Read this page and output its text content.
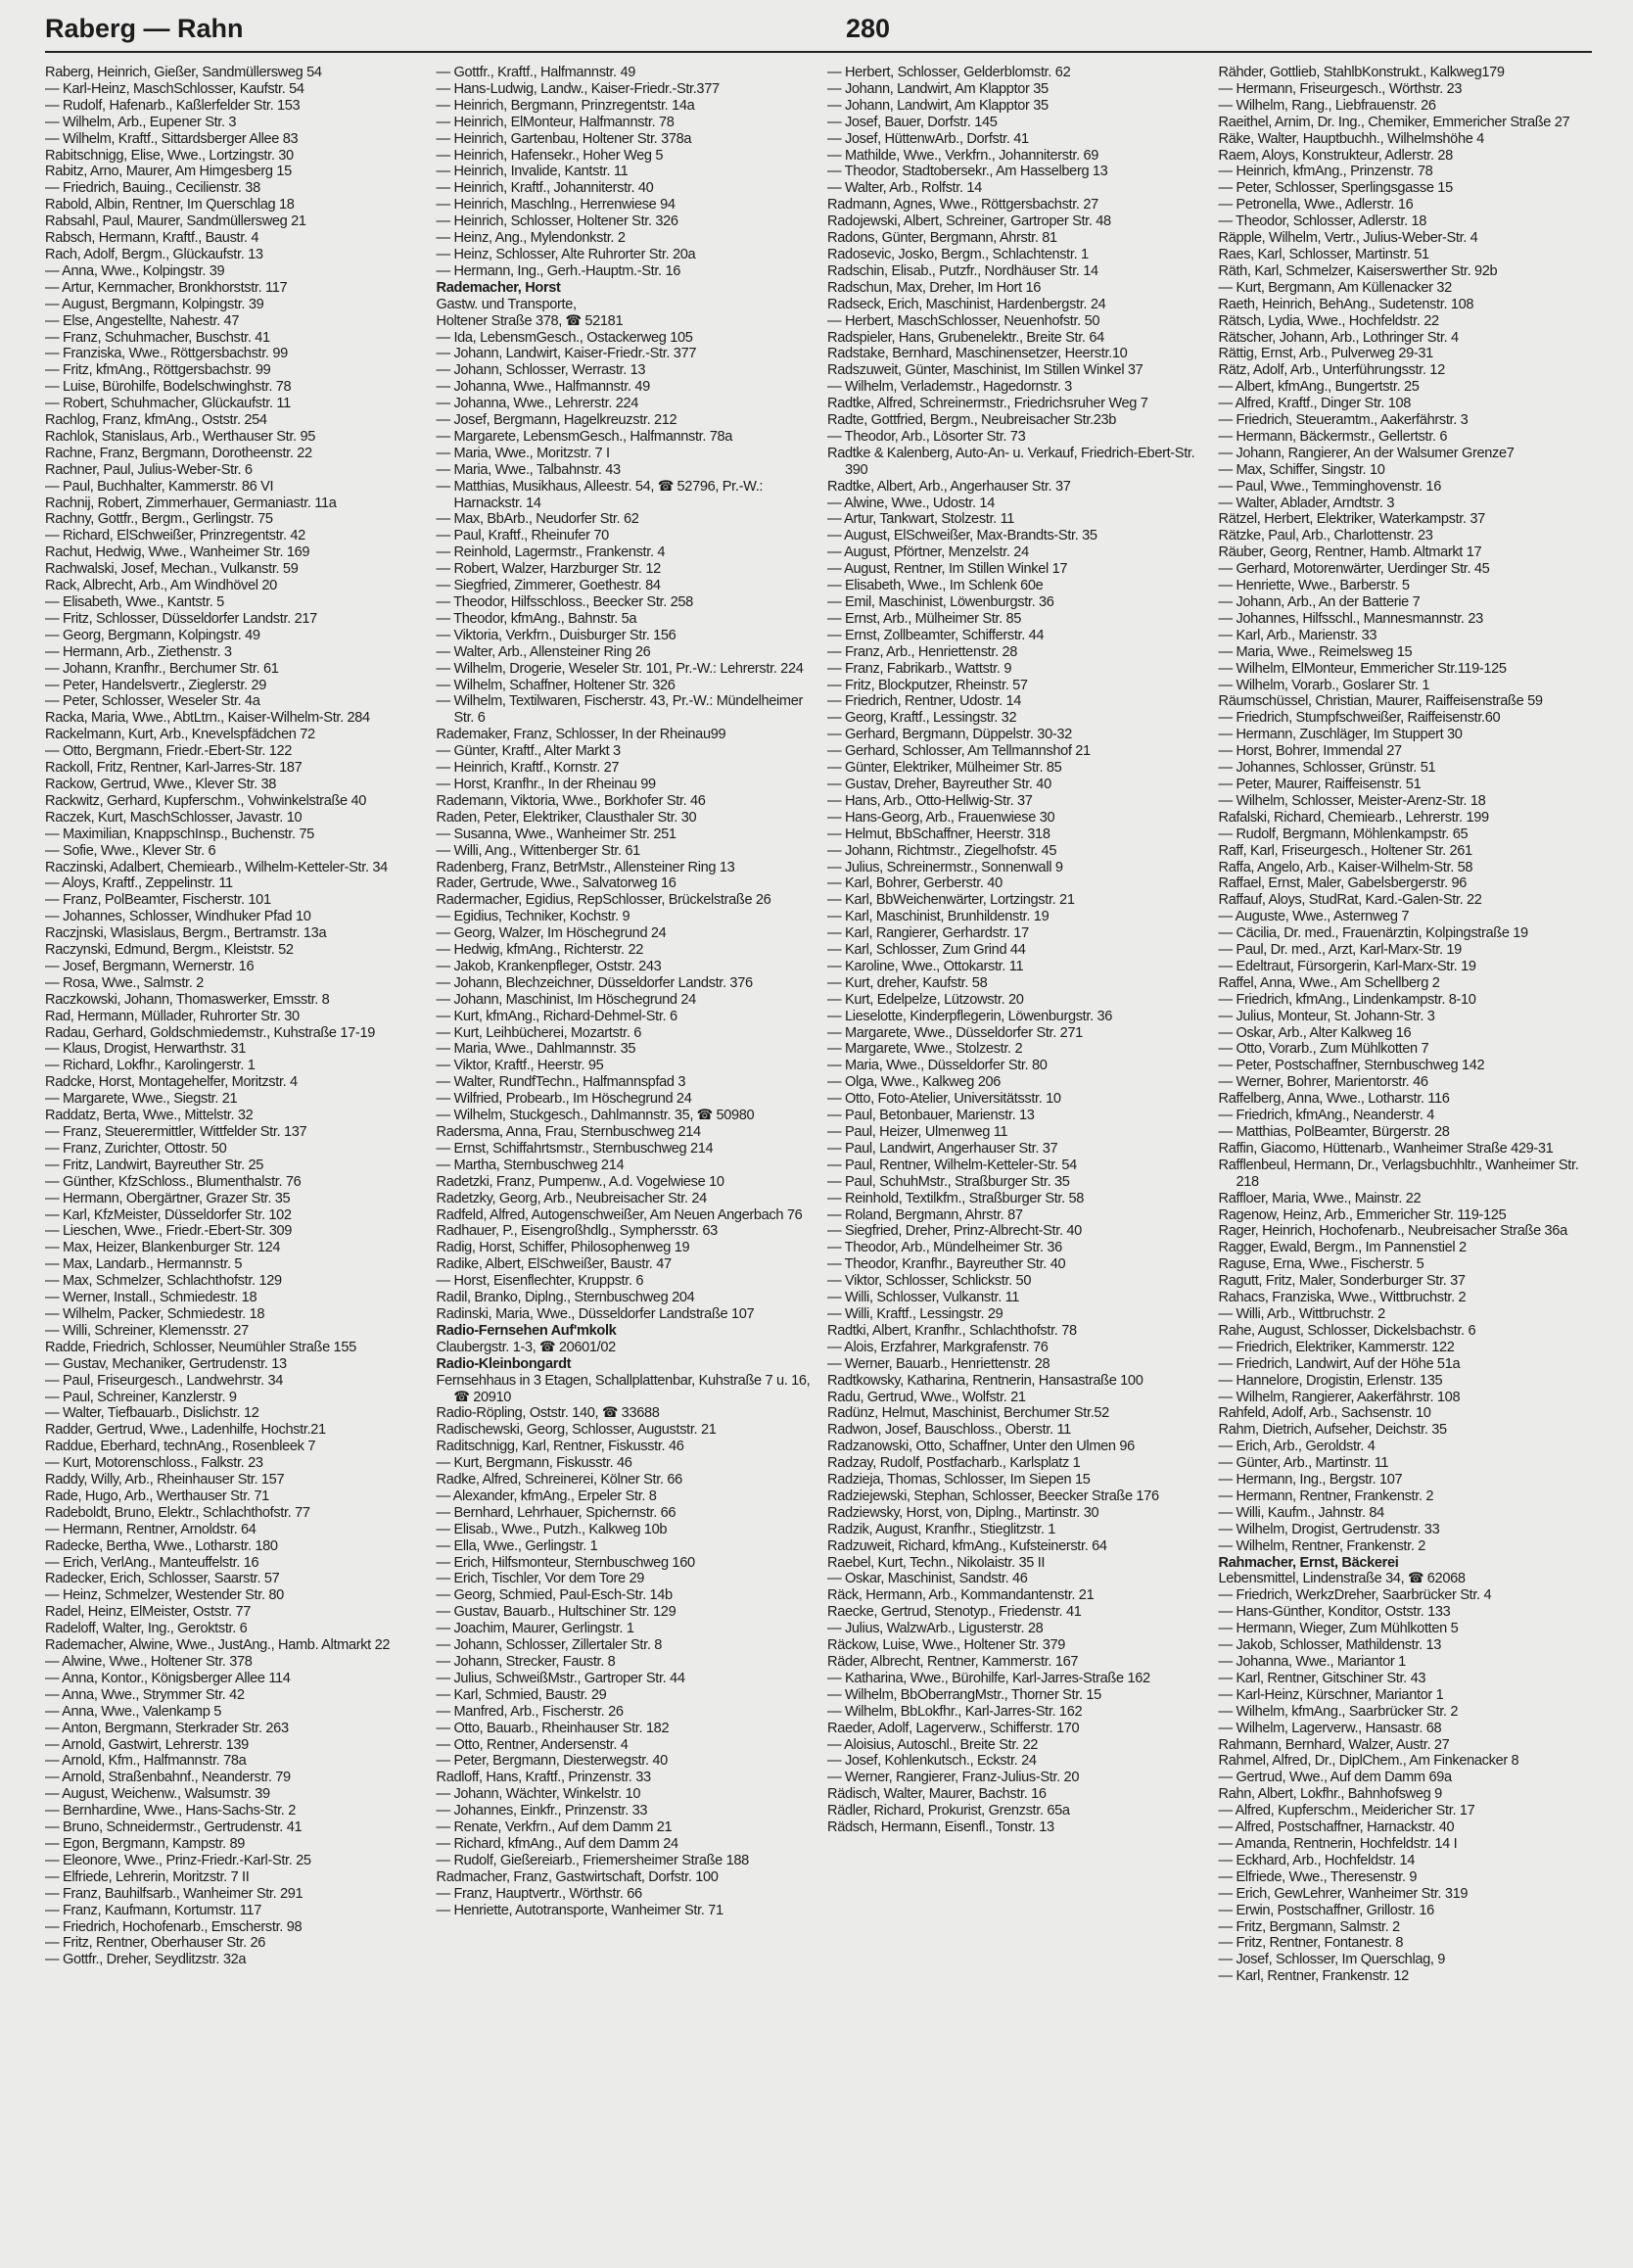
Raberg — Rahn	280
Raberg, Heinrich, Gießer, Sandmüllersweg 54
— Karl-Heinz, MaschSchlosser, Kaufstr. 54
— Rudolf, Hafenarb., Kaßlerfelder Str. 153
— Wilhelm, Arb., Eupener Str. 3
— Wilhelm, Kraftf., Sittardsberger Allee 83
Rabitschnigg, Elise, Wwe., Lortzingstr. 30
Rabitz, Arno, Maurer, Am Himgesberg 15
— Friedrich, Bauing., Cecilienstr. 38
Rabold, Albin, Rentner, Im Querschlag 18
Rabsahl, Paul, Maurer, Sandmüllersweg 21
Rabsch, Hermann, Kraftf., Baustr. 4
Rach, Adolf, Bergm., Glückaufstr. 13
— Anna, Wwe., Kolpingstr. 39
— Artur, Kernmacher, Bronkhorststr. 117
— August, Bergmann, Kolpingstr. 39
— Else, Angestellte, Nahestr. 47
— Franz, Schuhmacher, Buschstr. 41
— Franziska, Wwe., Röttgersbachstr. 99
— Fritz, kfmAng., Röttgersbachstr. 99
— Luise, Bürohilfe, Bodelschwinghstr. 78
— Robert, Schuhmacher, Glückaufstr. 11
Rachlog, Franz, kfmAng., Oststr. 254
Rachlok, Stanislaus, Arb., Werthauser Str. 95
Rachne, Franz, Bergmann, Dorotheenstr. 22
Rachner, Paul, Julius-Weber-Str. 6
— Paul, Buchhalter, Kammerstr. 86 VI
Rachnij, Robert, Zimmerhauer, Germaniastr. 11a
Rachny, Gottfr., Bergm., Gerlingstr. 75
— Richard, ElSchweißer, Prinzregentstr. 42
Rachut, Hedwig, Wwe., Wanheimer Str. 169
Rachwalski, Josef, Mechan., Vulkanstr. 59
Rack, Albrecht, Arb., Am Windhövel 20
— Elisabeth, Wwe., Kantstr. 5
— Fritz, Schlosser, Düsseldorfer Landstr. 217
— Georg, Bergmann, Kolpingstr. 49
— Hermann, Arb., Ziethenstr. 3
— Johann, Kranfhr., Berchumer Str. 61
— Peter, Handelsvertr., Zieglerstr. 29
— Peter, Schlosser, Weseler Str. 4a
Racka, Maria, Wwe., AbtLtrn., Kaiser-Wilhelm-Str. 284
Rackelmann, Kurt, Arb., Knevelspfädchen 72
— Otto, Bergmann, Friedr.-Ebert-Str. 122
Rackoll, Fritz, Rentner, Karl-Jarres-Str. 187
Rackow, Gertrud, Wwe., Klever Str. 38
Rackwitz, Gerhard, Kupferschm., Vohwinkelstraße 40
Raczek, Kurt, MaschSchlosser, Javastr. 10
— Maximilian, KnappschInsp., Buchenstr. 75
— Sofie, Wwe., Klever Str. 6
Raczinski, Adalbert, Chemiearb., Wilhelm-Ketteler-Str. 34
— Aloys, Kraftf., Zeppelinstr. 11
— Franz, PolBeamter, Fischerstr. 101
— Johannes, Schlosser, Windhuker Pfad 10
Raczjnski, Wlasislaus, Bergm., Bertramstr. 13a
Raczynski, Edmund, Bergm., Kleiststr. 52
— Josef, Bergmann, Wernerstr. 16
— Rosa, Wwe., Salmstr. 2
Raczkowski, Johann, Thomaswerker, Emsstr. 8
Rad, Hermann, Müllader, Ruhrorter Str. 30
Radau, Gerhard, Goldschmiedemstr., Kuhstraße 17-19
— Klaus, Drogist, Herwarthstr. 31
— Richard, Lokfhr., Karolingerstr. 1
Radcke, Horst, Montagehelfer, Moritzstr. 4
— Margarete, Wwe., Siegstr. 21
Raddatz, Berta, Wwe., Mittelstr. 32
— Franz, Steuerermittler, Wittfelder Str. 137
— Franz, Zurichter, Ottostr. 50
— Fritz, Landwirt, Bayreuther Str. 25
— Günther, KfzSchloss., Blumenthalstr. 76
— Hermann, Obergärtner, Grazer Str. 35
— Karl, KfzMeister, Düsseldorfer Str. 102
— Lieschen, Wwe., Friedr.-Ebert-Str. 309
— Max, Heizer, Blankenburger Str. 124
— Max, Landarb., Hermannstr. 5
— Max, Schmelzer, Schlachthofstr. 129
— Werner, Install., Schmiedestr. 18
— Wilhelm, Packer, Schmiedestr. 18
— Willi, Schreiner, Klemensstr. 27
Radde, Friedrich, Schlosser, Neumühler Straße 155
— Gustav, Mechaniker, Gertrudenstr. 13
— Paul, Friseurgesch., Landwehrstr. 34
— Paul, Schreiner, Kanzlerstr. 9
— Walter, Tiefbauarb., Dislichstr. 12
Radder, Gertrud, Wwe., Ladenhilfe, Hochstr.21
Raddue, Eberhard, technAng., Rosenbleek 7
— Kurt, Motorenschloss., Falkstr. 23
Raddy, Willy, Arb., Rheinhauser Str. 157
Rade, Hugo, Arb., Werthauser Str. 71
Radeboldt, Bruno, Elektr., Schlachthofstr. 77
— Hermann, Rentner, Arnoldstr. 64
Radecke, Bertha, Wwe., Lotharstr. 180
— Erich, VerlAng., Manteuffelstr. 16
Radecker, Erich, Schlosser, Saarstr. 57
— Heinz, Schmelzer, Westender Str. 80
Radel, Heinz, ElMeister, Oststr. 77
Radeloff, Walter, Ing., Geroktstr. 6
Rademacher, Alwine, Wwe., JustAng., Hamb. Altmarkt 22
— Alwine, Wwe., Holtener Str. 378
— Anna, Kontor., Königsberger Allee 114
— Anna, Wwe., Strymmer Str. 42
— Anna, Wwe., Valenkamp 5
— Anton, Bergmann, Sterkrader Str. 263
— Arnold, Gastwirt, Lehrerstr. 139
— Arnold, Kfm., Halfmannstr. 78a
— Arnold, Straßenbahnf., Neanderstr. 79
— August, Weichenw., Walsumstr. 39
— Bernhardine, Wwe., Hans-Sachs-Str. 2
— Bruno, Schneidermstr., Gertrudenstr. 41
— Egon, Bergmann, Kampstr. 89
— Eleonore, Wwe., Prinz-Friedr.-Karl-Str. 25
— Elfriede, Lehrerin, Moritzstr. 7 II
— Franz, Bauhilfsarb., Wanheimer Str. 291
— Franz, Kaufmann, Kortumstr. 117
— Friedrich, Hochofenarb., Emscherstr. 98
— Fritz, Rentner, Oberhauser Str. 26
— Gottfr., Dreher, Seydlitzstr. 32a
— Gottfr., Kraftf., Halfmannstr. 49
— Hans-Ludwig, Landw., Kaiser-Friedr.-Str.377
— Heinrich, Bergmann, Prinzregentstr. 14a
— Heinrich, ElMonteur, Halfmannstr. 78
— Heinrich, Gartenbau, Holtener Str. 378a
— Heinrich, Hafensekr., Hoher Weg 5
— Heinrich, Invalide, Kantstr. 11
— Heinrich, Kraftf., Johanniterstr. 40
— Heinrich, Maschlng., Herrenwiese 94
— Heinrich, Schlosser, Holtener Str. 326
— Heinz, Ang., Mylendonkstr. 2
— Heinz, Schlosser, Alte Ruhrorter Str. 20a
— Hermann, Ing., Gerh.-Hauptm.-Str. 16
Rademacher, Horst
Gastw. und Transporte,
Holtener Straße 378, ☎ 52181
— Ida, LebensmGesch., Ostackerweg 105
— Johann, Landwirt, Kaiser-Friedr.-Str. 377
— Johann, Schlosser, Werrastr. 13
— Johanna, Wwe., Halfmannstr. 49
— Johanna, Wwe., Lehrerstr. 224
— Josef, Bergmann, Hagelkreuzstr. 212
— Margarete, LebensmGesch., Halfmannstr. 78a
— Maria, Wwe., Moritzstr. 7 I
— Maria, Wwe., Talbahnstr. 43
— Matthias, Musikhaus, Alleestr. 54, ☎ 52796, Pr.-W.: Harnackstr. 14
— Max, BbArb., Neudorfer Str. 62
— Paul, Kraftf., Rheinufer 70
— Reinhold, Lagermstr., Frankenstr. 4
— Robert, Walzer, Harzburger Str. 12
— Siegfried, Zimmerer, Goethestr. 84
— Theodor, Hilfsschloss., Beecker Str. 258
— Theodor, kfmAng., Bahnstr. 5a
— Viktoria, Verkfrn., Duisburger Str. 156
— Walter, Arb., Allensteiner Ring 26
— Wilhelm, Drogerie, Weseler Str. 101, Pr.-W.: Lehrerstr. 224
— Wilhelm, Schaffner, Holtener Str. 326
— Wilhelm, Textilwaren, Fischerstr. 43, Pr.-W.: Mündelheimer Str. 6
Rademaker, Franz, Schlosser, In der Rheinau99
— Günter, Kraftf., Alter Markt 3
— Heinrich, Kraftf., Kornstr. 27
— Horst, Kranfhr., In der Rheinau 99
Rademann, Viktoria, Wwe., Borkhofer Str. 46
Raden, Peter, Elektriker, Clausthaler Str. 30
— Susanna, Wwe., Wanheimer Str. 251
— Willi, Ang., Wittenberger Str. 61
Radenberg, Franz, BetrMstr., Allensteiner Ring 13
Rader, Gertrude, Wwe., Salvatorweg 16
Radermacher, Egidius, RepSchlosser, Brückelstraße 26
— Egidius, Techniker, Kochstr. 9
— Georg, Walzer, Im Höschegrund 24
— Hedwig, kfmAng., Richterstr. 22
— Jakob, Krankenpfleger, Oststr. 243
— Johann, Blechzeichner, Düsseldorfer Landstr. 376
— Johann, Maschinist, Im Höschegrund 24
— Kurt, kfmAng., Richard-Dehmel-Str. 6
— Kurt, Leihbücherei, Mozartstr. 6
— Maria, Wwe., Dahlmannstr. 35
— Viktor, Kraftf., Heerstr. 95
— Walter, RundfTechn., Halfmannspfad 3
— Wilfried, Probearb., Im Höschegrund 24
— Wilhelm, Stuckgesch., Dahlmannstr. 35, ☎ 50980
Radersma, Anna, Frau, Sternbuschweg 214
— Ernst, Schiffahrtsmstr., Sternbuschweg 214
— Martha, Sternbuschweg 214
Radetzki, Franz, Pumpenw., A.d. Vogelwiese 10
Radetzky, Georg, Arb., Neubreisacher Str. 24
Radfeld, Alfred, Autogenschweißer, Am Neuen Angerbach 76
Radhauer, P., Eisengroßhdlg., Symphersstr. 63
Radig, Horst, Schiffer, Philosophenweg 19
Radike, Albert, ElSchweißer, Baustr. 47
— Horst, Eisenflechter, Kruppstr. 6
Radil, Branko, Diplng., Sternbuschweg 204
Radinski, Maria, Wwe., Düsseldorfer Landstraße 107
Radio-Fernsehen Auf'mkolk
Claubergstr. 1-3, ☎ 20601/02
Radio-Kleinbongardt
Fernsehhaus in 3 Etagen, Schallplattenbar, Kuhstraße 7 u. 16, ☎ 20910
Radio-Röpling, Oststr. 140, ☎ 33688
Radischewski, Georg, Schlosser, Auguststr. 21
Raditschnigg, Karl, Rentner, Fiskusstr. 46
— Kurt, Bergmann, Fiskusstr. 46
Radke, Alfred, Schreinerei, Kölner Str. 66
— Alexander, kfmAng., Erpeler Str. 8
— Bernhard, Lehrhauer, Spichernstr. 66
— Elisab., Wwe., Putzh., Kalkweg 10b
— Ella, Wwe., Gerlingstr. 1
— Erich, Hilfsmonteur, Sternbuschweg 160
— Erich, Tischler, Vor dem Tore 29
— Georg, Schmied, Paul-Esch-Str. 14b
— Gustav, Bauarb., Hultschiner Str. 129
— Joachim, Maurer, Gerlingstr. 1
— Johann, Schlosser, Zillertaler Str. 8
— Johann, Strecker, Faustr. 8
— Julius, SchweißMstr., Gartroper Str. 44
— Karl, Schmied, Baustr. 29
— Manfred, Arb., Fischerstr. 26
— Otto, Bauarb., Rheinhauser Str. 182
— Otto, Rentner, Andersenstr. 4
— Peter, Bergmann, Diesterwegstr. 40
Radloff, Hans, Kraftf., Prinzenstr. 33
— Johann, Wächter, Winkelstr. 10
— Johannes, Einkfr., Prinzenstr. 33
— Renate, Verkfrn., Auf dem Damm 21
— Richard, kfmAng., Auf dem Damm 24
— Rudolf, Gießereiarb., Friemersheimer Straße 188
Radmacher, Franz, Gastwirtschaft, Dorfstr. 100
— Franz, Hauptvertr., Wörthstr. 66
— Henriette, Autotransporte, Wanheimer Str. 71
— Herbert, Schlosser, Gelderblomstr. 62
— Johann, Landwirt, Am Klapptor 35
— Johann, Landwirt, Am Klapptor 35
— Josef, Bauer, Dorfstr. 145
— Josef, HüttenwArb., Dorfstr. 41
— Mathilde, Wwe., Verkfrn., Johanniterstr. 69
— Theodor, Stadtobersekr., Am Hasselberg 13
— Walter, Arb., Rolfstr. 14
Radmann, Agnes, Wwe., Röttgersbachstr. 27
Radojewski, Albert, Schreiner, Gartroper Str. 48
Radons, Günter, Bergmann, Ahrstr. 81
Radosevic, Josko, Bergm., Schlachtenstr. 1
Radschin, Elisab., Putzfr., Nordhäuser Str. 14
Radschun, Max, Dreher, Im Hort 16
Radseck, Erich, Maschinist, Hardenbergstr. 24
— Herbert, MaschSchlosser, Neuenhofstr. 50
Radspieler, Hans, Grubenelektr., Breite Str. 64
Radstake, Bernhard, Maschinensetzer, Heerstr.10
Radszuweit, Günter, Maschinist, Im Stillen Winkel 37
— Wilhelm, Verlademstr., Hagedornstr. 3
Radtke, Alfred, Schreinermstr., Friedrichsruher Weg 7
Radte, Gottfried, Bergm., Neubreisacher Str.23b
— Theodor, Arb., Lösorter Str. 73
Radtke & Kalenberg, Auto-An- u. Verkauf, Friedrich-Ebert-Str. 390
Radtke, Albert, Arb., Angerhauser Str. 37
— Alwine, Wwe., Udostr. 14
— Artur, Tankwart, Stolzestr. 11
— August, ElSchweißer, Max-Brandts-Str. 35
— August, Pförtner, Menzelstr. 24
— August, Rentner, Im Stillen Winkel 17
— Elisabeth, Wwe., Im Schlenk 60e
— Emil, Maschinist, Löwenburgstr. 36
— Ernst, Arb., Mülheimer Str. 85
— Ernst, Zollbeamter, Schifferstr. 44
— Franz, Arb., Henriettenstr. 28
— Franz, Fabrikarb., Wattstr. 9
— Fritz, Blockputzer, Rheinstr. 57
— Friedrich, Rentner, Udostr. 14
— Georg, Kraftf., Lessingstr. 32
— Gerhard, Bergmann, Düppelstr. 30-32
— Gerhard, Schlosser, Am Tellmannshof 21
— Günter, Elektriker, Mülheimer Str. 85
— Gustav, Dreher, Bayreuther Str. 40
— Hans, Arb., Otto-Hellwig-Str. 37
— Hans-Georg, Arb., Frauenwiese 30
— Helmut, BbSchaffner, Heerstr. 318
— Johann, Richtmstr., Ziegelhofstr. 45
— Julius, Schreinermstr., Sonnenwall 9
— Karl, Bohrer, Gerberstr. 40
— Karl, BbWeichenwärter, Lortzingstr. 21
— Karl, Maschinist, Brunhildenstr. 19
— Karl, Rangierer, Gerhardstr. 17
— Karl, Schlosser, Zum Grind 44
— Karoline, Wwe., Ottokarstr. 11
— Kurt, dreher, Kaufstr. 58
— Kurt, Edelpelze, Lützowstr. 20
— Lieselotte, Kinderpflegerin, Löwenburgstr. 36
— Margarete, Wwe., Düsseldorfer Str. 271
— Margarete, Wwe., Stolzestr. 2
— Maria, Wwe., Düsseldorfer Str. 80
— Olga, Wwe., Kalkweg 206
— Otto, Foto-Atelier, Universitätsstr. 10
— Paul, Betonbauer, Marienstr. 13
— Paul, Heizer, Ulmenweg 11
— Paul, Landwirt, Angerhauser Str. 37
— Paul, Rentner, Wilhelm-Ketteler-Str. 54
— Paul, SchuhMstr., Straßburger Str. 35
— Reinhold, Textilkfm., Straßburger Str. 58
— Roland, Bergmann, Ahrstr. 87
— Siegfried, Dreher, Prinz-Albrecht-Str. 40
— Theodor, Arb., Mündelheimer Str. 36
— Theodor, Kranfhr., Bayreuther Str. 40
— Viktor, Schlosser, Schlickstr. 50
— Willi, Schlosser, Vulkanstr. 11
— Willi, Kraftf., Lessingstr. 29
Radtki, Albert, Kranfhr., Schlachthofstr. 78
— Alois, Erzfahrer, Markgrafenstr. 76
— Werner, Bauarb., Henriettenstr. 28
Radtkowsky, Katharina, Rentnerin, Hansastraße 100
Radu, Gertrud, Wwe., Wolfstr. 21
Radünz, Helmut, Maschinist, Berchumer Str.52
Radwon, Josef, Bauschloss., Oberstr. 11
Radzanowski, Otto, Schaffner, Unter den Ulmen 96
Radzay, Rudolf, Postfacharb., Karlsplatz 1
Radzieja, Thomas, Schlosser, Im Siepen 15
Radziejewski, Stephan, Schlosser, Beecker Straße 176
Radziewsky, Horst, von, Diplng., Martinstr. 30
Radzik, August, Kranfhr., Stieglitzstr. 1
Radzuweit, Richard, kfmAng., Kufsteinerstr. 64
Raebel, Kurt, Techn., Nikolaistr. 35 II
— Oskar, Maschinist, Sandstr. 46
Räck, Hermann, Arb., Kommandantenstr. 21
Raecke, Gertrud, Stenotyp., Friedenstr. 41
— Julius, WalzwArb., Ligusterstr. 28
Räckow, Luise, Wwe., Holtener Str. 379
Räder, Albrecht, Rentner, Kammerstr. 167
— Katharina, Wwe., Bürohilfe, Karl-Jarres-Straße 162
— Wilhelm, BbOberrangMstr., Thorner Str. 15
— Wilhelm, BbLokfhr., Karl-Jarres-Str. 162
Raeder, Adolf, Lagerverw., Schifferstr. 170
— Aloisius, Autoschl., Breite Str. 22
— Josef, Kohlenkutsch., Eckstr. 24
— Werner, Rangierer, Franz-Julius-Str. 20
Rädisch, Walter, Maurer, Bachstr. 16
Rädler, Richard, Prokurist, Grenzstr. 65a
Rädsch, Hermann, Eisenfl., Tonstr. 13
Rähder, Gottlieb, StahlbKonstrukt., Kalkweg179
— Hermann, Friseurgesch., Wörthstr. 23
— Wilhelm, Rang., Liebfrauenstr. 26
Raeithel, Arnim, Dr. Ing., Chemiker, Emmericher Straße 27
Räke, Walter, Hauptbuchh., Wilhelmshöhe 4
Raem, Aloys, Konstrukteur, Adlerstr. 28
— Heinrich, kfmAng., Prinzenstr. 78
— Peter, Schlosser, Sperlingsgasse 15
— Petronella, Wwe., Adlerstr. 16
— Theodor, Schlosser, Adlerstr. 18
Räpple, Wilhelm, Vertr., Julius-Weber-Str. 4
Raes, Karl, Schlosser, Martinstr. 51
Räth, Karl, Schmelzer, Kaiserswerther Str. 92b
— Kurt, Bergmann, Am Küllenacker 32
Raeth, Heinrich, BehAng., Sudetenstr. 108
Rätsch, Lydia, Wwe., Hochfeldstr. 22
Rätscher, Johann, Arb., Lothringer Str. 4
Rättig, Ernst, Arb., Pulverweg 29-31
Rätz, Adolf, Arb., Unterführungsstr. 12
— Albert, kfmAng., Bungertstr. 25
— Alfred, Kraftf., Dinger Str. 108
— Friedrich, Steueramtm., Aakerfährstr. 3
— Hermann, Bäckermstr., Gellertstr. 6
— Johann, Rangierer, An der Walsumer Grenze7
— Max, Schiffer, Singstr. 10
— Paul, Wwe., Temminghovenstr. 16
— Walter, Ablader, Arndtstr. 3
Rätzel, Herbert, Elektriker, Waterkampstr. 37
Rätzke, Paul, Arb., Charlottenstr. 23
Räuber, Georg, Rentner, Hamb. Altmarkt 17
— Gerhard, Motorenwärter, Uerdinger Str. 45
— Henriette, Wwe., Barberstr. 5
— Johann, Arb., An der Batterie 7
— Johannes, Hilfsschl., Mannesmannstr. 23
— Karl, Arb., Marienstr. 33
— Maria, Wwe., Reimelsweg 15
— Wilhelm, ElMonteur, Emmericher Str.119-125
— Wilhelm, Vorarb., Goslarer Str. 1
Räumschüssel, Christian, Maurer, Raiffeisenstraße 59
— Friedrich, Stumpfschweißer, Raiffeisenstr.60
— Hermann, Zuschläger, Im Stuppert 30
— Horst, Bohrer, Immendal 27
— Johannes, Schlosser, Grünstr. 51
— Peter, Maurer, Raiffeisenstr. 51
— Wilhelm, Schlosser, Meister-Arenz-Str. 18
Rafalski, Richard, Chemiearb., Lehrerstr. 199
— Rudolf, Bergmann, Möhlenkampstr. 65
Raff, Karl, Friseurgesch., Holtener Str. 261
Raffa, Angelo, Arb., Kaiser-Wilhelm-Str. 58
Raffael, Ernst, Maler, Gabelsbergerstr. 96
Raffauf, Aloys, StudRat, Kard.-Galen-Str. 22
— Auguste, Wwe., Asternweg 7
— Cäcilia, Dr. med., Frauenärztin, Kolpingstraße 19
— Paul, Dr. med., Arzt, Karl-Marx-Str. 19
— Edeltraut, Fürsorgerin, Karl-Marx-Str. 19
Raffel, Anna, Wwe., Am Schellberg 2
— Friedrich, kfmAng., Lindenkampstr. 8-10
— Julius, Monteur, St. Johann-Str. 3
— Oskar, Arb., Alter Kalkweg 16
— Otto, Vorarb., Zum Mühlkotten 7
— Peter, Postschaffner, Sternbuschweg 142
— Werner, Bohrer, Marientorstr. 46
Raffelberg, Anna, Wwe., Lotharstr. 116
— Friedrich, kfmAng., Neanderstr. 4
— Matthias, PolBeamter, Bürgerstr. 28
Raffin, Giacomo, Hüttenarb., Wanheimer Straße 429-31
Rafflenbeul, Hermann, Dr., Verlagsbuchhltr., Wanheimer Str. 218
Raffloer, Maria, Wwe., Mainstr. 22
Ragenow, Heinz, Arb., Emmericher Str. 119-125
Rager, Heinrich, Hochofenarb., Neubreisacher Straße 36a
Ragger, Ewald, Bergm., Im Pannenstiel 2
Raguse, Erna, Wwe., Fischerstr. 5
Ragutt, Fritz, Maler, Sonderburger Str. 37
Rahacs, Franziska, Wwe., Wittbruchstr. 2
— Willi, Arb., Wittbruchstr. 2
Rahe, August, Schlosser, Dickelsbachstr. 6
— Friedrich, Elektriker, Kammerstr. 122
— Friedrich, Landwirt, Auf der Höhe 51a
— Hannelore, Drogistin, Erlenstr. 135
— Wilhelm, Rangierer, Aakerfährstr. 108
Rahfeld, Adolf, Arb., Sachsenstr. 10
Rahm, Dietrich, Aufseher, Deichstr. 35
— Erich, Arb., Geroldstr. 4
— Günter, Arb., Martinstr. 11
— Hermann, Ing., Bergstr. 107
— Hermann, Rentner, Frankenstr. 2
— Willi, Kaufm., Jahnstr. 84
— Wilhelm, Drogist, Gertrudenstr. 33
— Wilhelm, Rentner, Frankenstr. 2
Rahmacher, Ernst, Bäckerei
Lebensmittel, Lindenstraße 34, ☎ 62068
— Friedrich, WerkzDreher, Saarbrücker Str. 4
— Hans-Günther, Konditor, Oststr. 133
— Hermann, Wieger, Zum Mühlkotten 5
— Jakob, Schlosser, Mathildenstr. 13
— Johanna, Wwe., Mariantor 1
— Karl, Rentner, Gitschiner Str. 43
— Karl-Heinz, Kürschner, Mariantor 1
— Wilhelm, kfmAng., Saarbrücker Str. 2
— Wilhelm, Lagerverw., Hansastr. 68
Rahmann, Bernhard, Walzer, Austr. 27
Rahmel, Alfred, Dr., DiplChem., Am Finkenacker 8
— Gertrud, Wwe., Auf dem Damm 69a
Rahn, Albert, Lokfhr., Bahnhofsweg 9
— Alfred, Kupferschm., Meidericher Str. 17
— Alfred, Postschaffner, Harnackstr. 40
— Amanda, Rentnerin, Hochfeldstr. 14 I
— Eckhard, Arb., Hochfeldstr. 14
— Elfriede, Wwe., Theresenstr. 9
— Erich, GewLehrer, Wanheimer Str. 319
— Erwin, Postschaffner, Grillostr. 16
— Fritz, Bergmann, Salmstr. 2
— Fritz, Rentner, Fontanestr. 8
— Josef, Schlosser, Im Querschlag, 9
— Karl, Rentner, Frankenstr. 12
